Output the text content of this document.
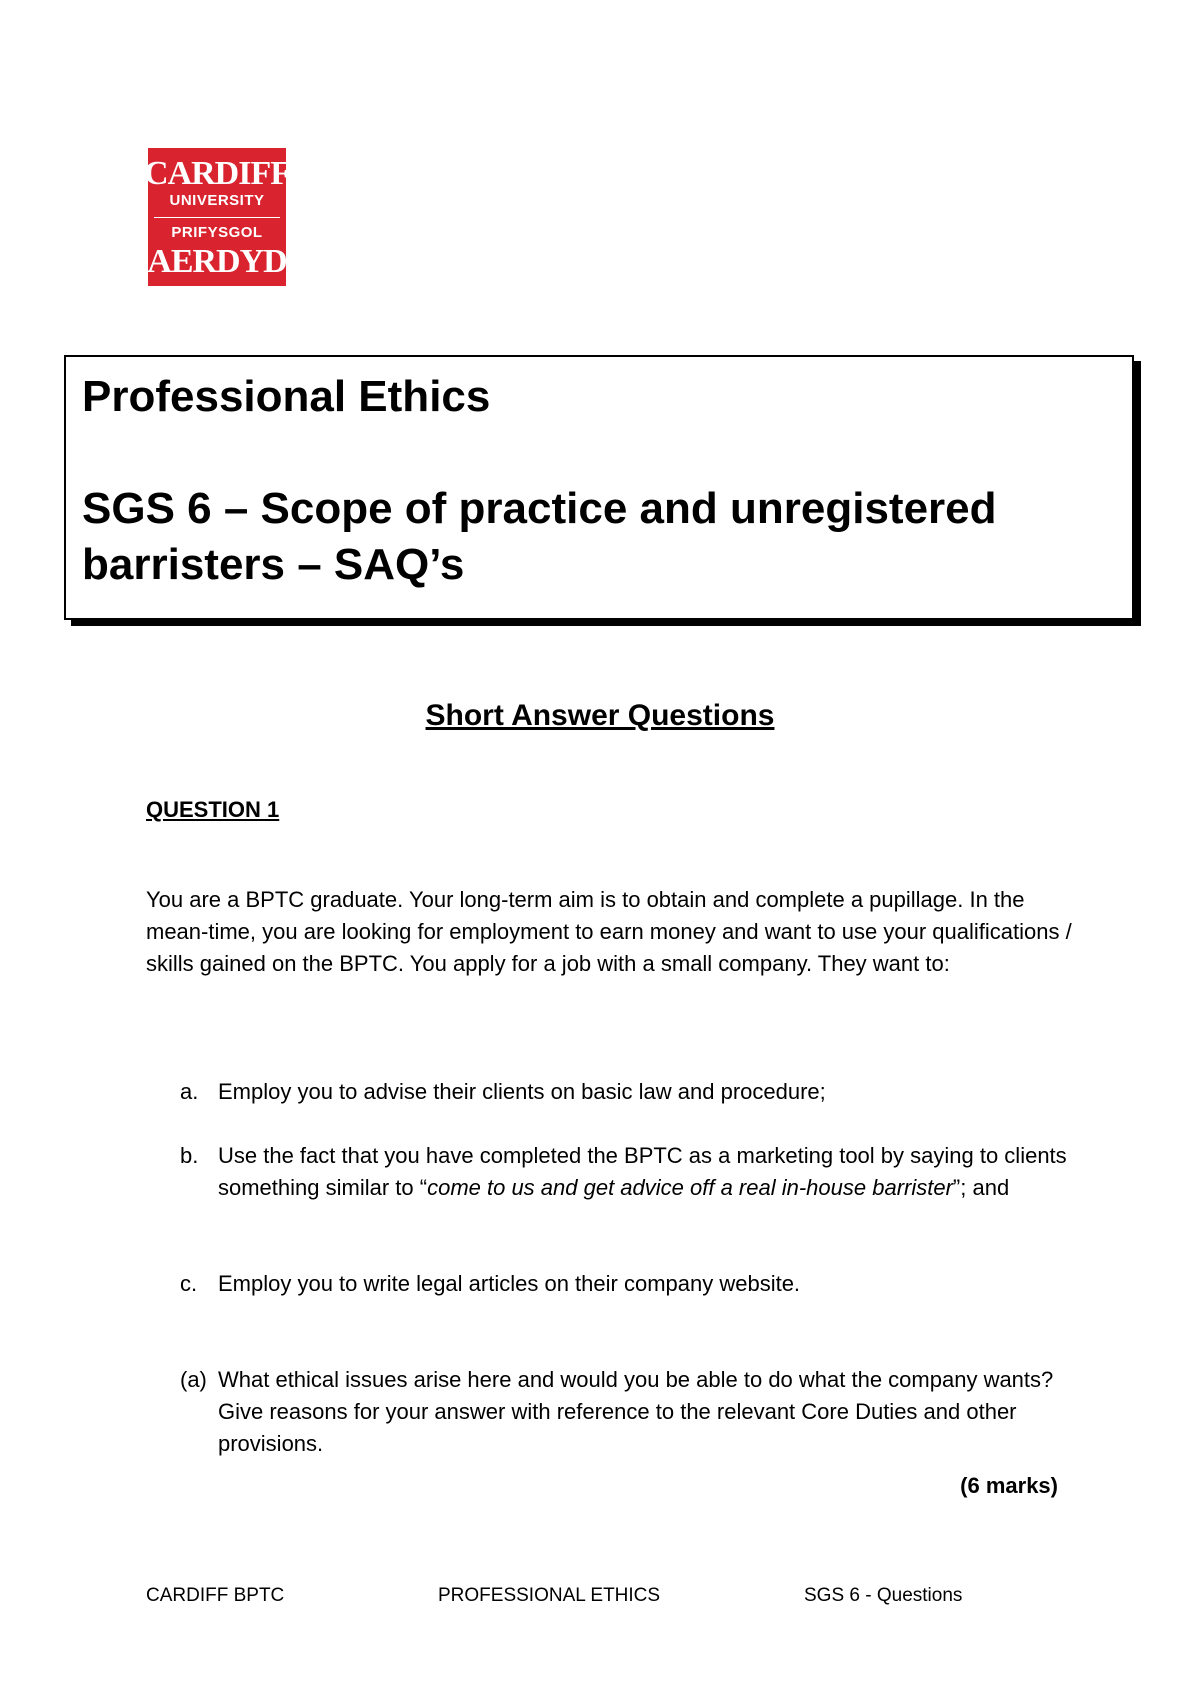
CARDIFF
UNIVERSITY
PRIFYSGOL
CAERDYDD

Professional Ethics

SGS 6 – Scope of practice and unregistered barristers – SAQ’s

Short Answer Questions
QUESTION 1
You are a BPTC graduate. Your long-term aim is to obtain and complete a pupillage. In the mean-time, you are looking for employment to earn money and want to use your qualifications / skills gained on the BPTC. You apply for a job with a small company. They want to:
a. Employ you to advise their clients on basic law and procedure;
b. Use the fact that you have completed the BPTC as a marketing tool by saying to clients something similar to “come to us and get advice off a real in-house barrister”; and
c. Employ you to write legal articles on their company website.
(a) What ethical issues arise here and would you be able to do what the company wants? Give reasons for your answer with reference to the relevant Core Duties and other provisions.
(6 marks)
CARDIFF BPTC	PROFESSIONAL ETHICS	SGS 6 - Questions
